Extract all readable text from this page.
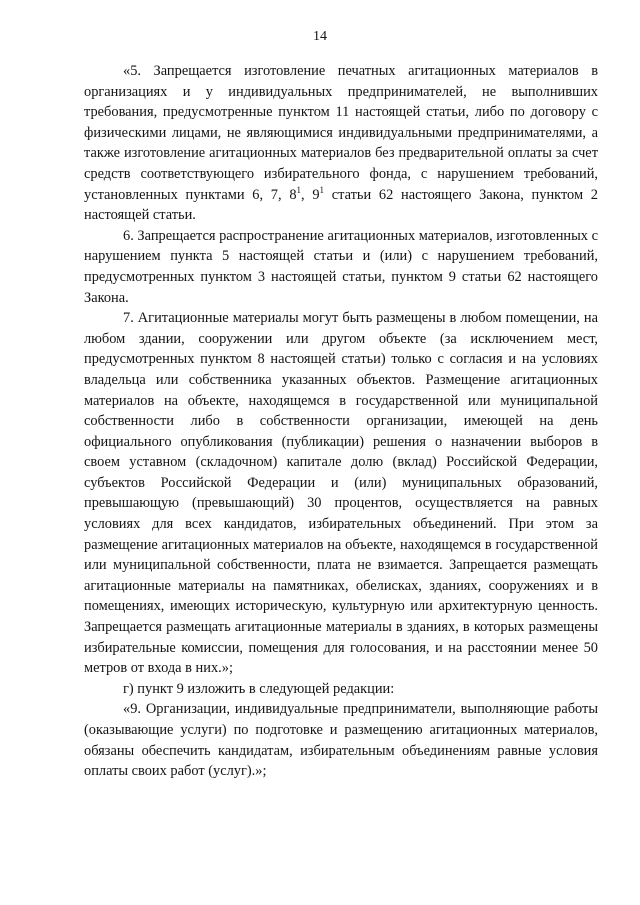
14

«5. Запрещается изготовление печатных агитационных материалов в организациях и у индивидуальных предпринимателей, не выполнивших требования, предусмотренные пунктом 11 настоящей статьи, либо по договору с физическими лицами, не являющимися индивидуальными предпринимателями, а также изготовление агитационных материалов без предварительной оплаты за счет средств соответствующего избирательного фонда, с нарушением требований, установленных пунктами 6, 7, $8^1$, $9^1$ статьи 62 настоящего Закона, пунктом 2 настоящей статьи.

6. Запрещается распространение агитационных материалов, изготовленных с нарушением пункта 5 настоящей статьи и (или) с нарушением требований, предусмотренных пунктом 3 настоящей статьи, пунктом 9 статьи 62 настоящего Закона.

7. Агитационные материалы могут быть размещены в любом помещении, на любом здании, сооружении или другом объекте (за исключением мест, предусмотренных пунктом 8 настоящей статьи) только с согласия и на условиях владельца или собственника указанных объектов. Размещение агитационных материалов на объекте, находящемся в государственной или муниципальной собственности либо в собственности организации, имеющей на день официального опубликования (публикации) решения о назначении выборов в своем уставном (складочном) капитале долю (вклад) Российской Федерации, субъектов Российской Федерации и (или) муниципальных образований, превышающую (превышающий) 30 процентов, осуществляется на равных условиях для всех кандидатов, избирательных объединений. При этом за размещение агитационных материалов на объекте, находящемся в государственной или муниципальной собственности, плата не взимается. Запрещается размещать агитационные материалы на памятниках, обелисках, зданиях, сооружениях и в помещениях, имеющих историческую, культурную или архитектурную ценность. Запрещается размещать агитационные материалы в зданиях, в которых размещены избирательные комиссии, помещения для голосования, и на расстоянии менее 50 метров от входа в них.»;

г) пункт 9 изложить в следующей редакции:

«9. Организации, индивидуальные предприниматели, выполняющие работы (оказывающие услуги) по подготовке и размещению агитационных материалов, обязаны обеспечить кандидатам, избирательным объединениям равные условия оплаты своих работ (услуг).»;
